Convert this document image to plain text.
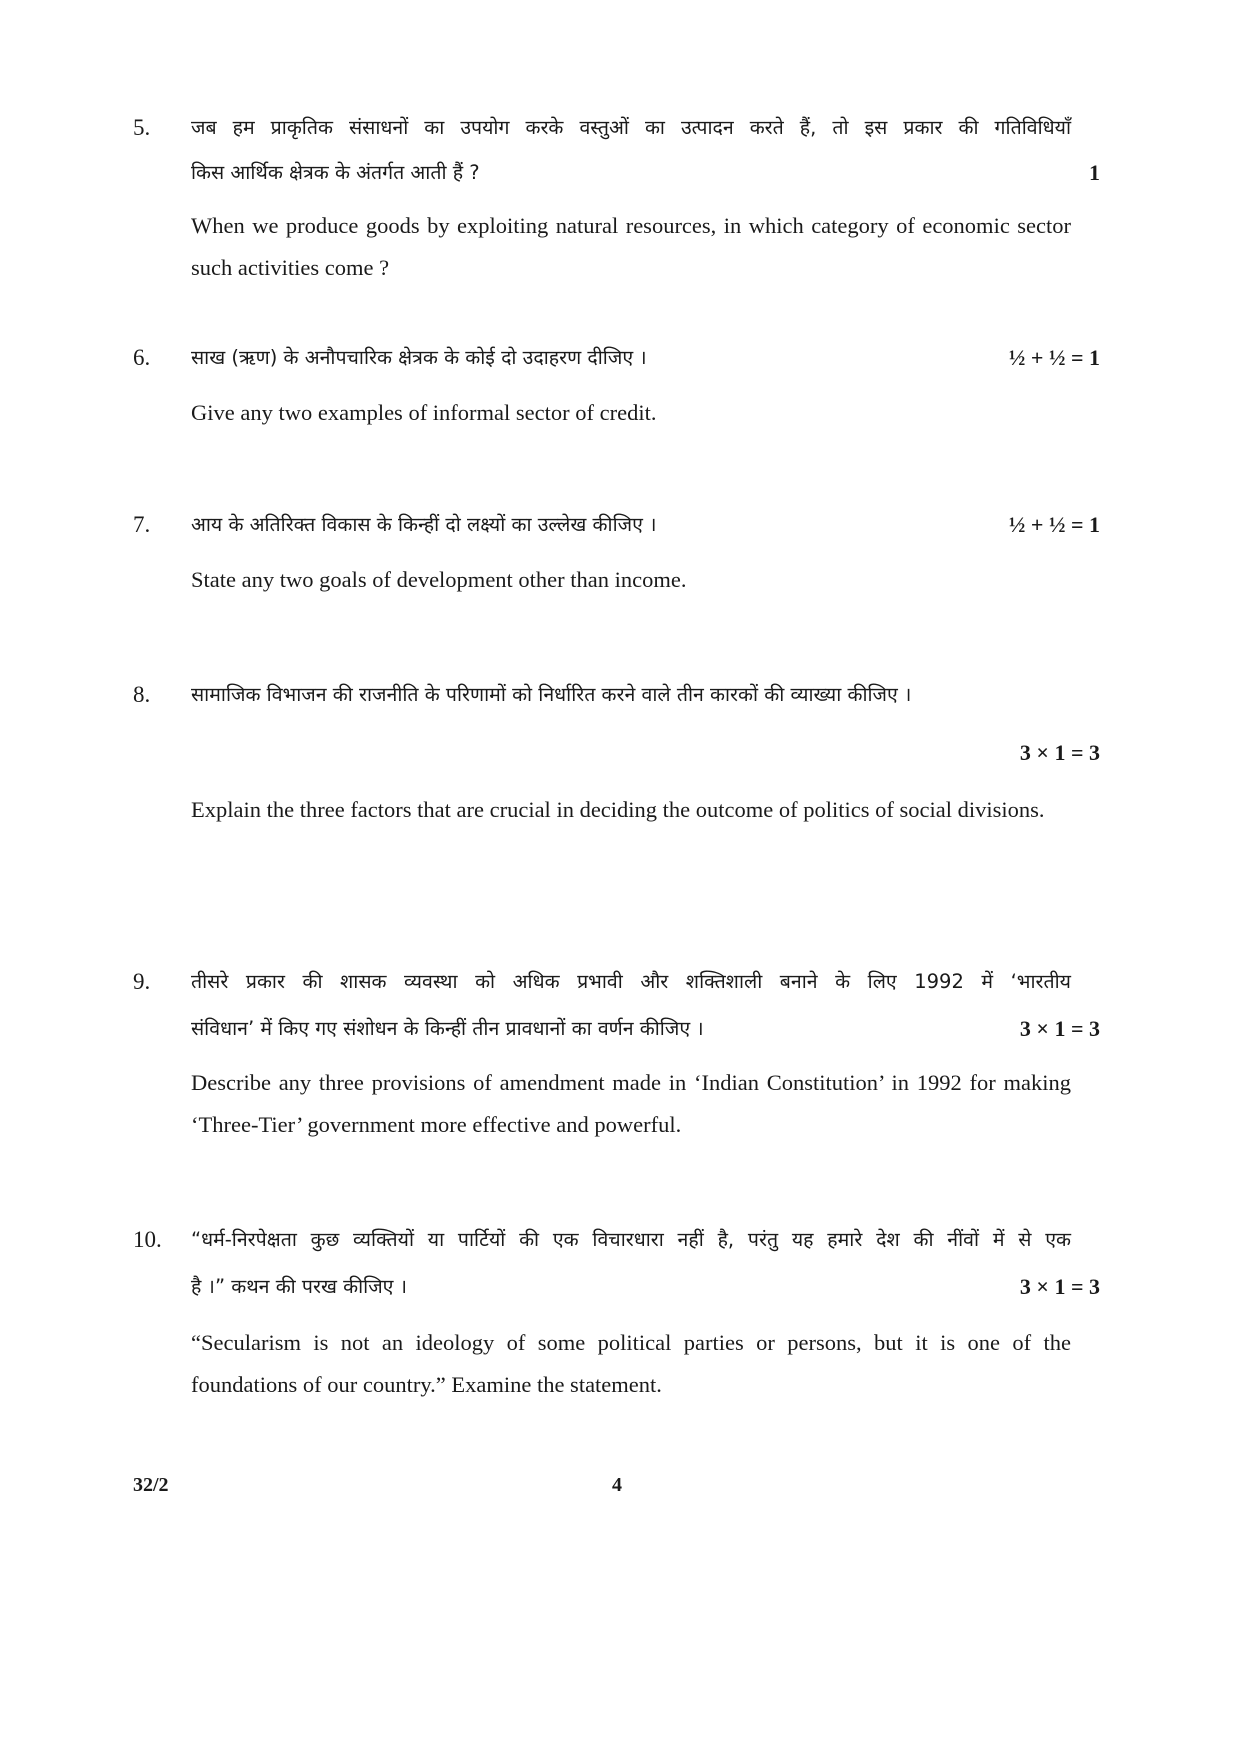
5. जब हम प्राकृतिक संसाधनों का उपयोग करके वस्तुओं का उत्पादन करते हैं, तो इस प्रकार की गतिविधियाँ
किस आर्थिक क्षेत्रक के अंतर्गत आती हैं ?	1
When we produce goods by exploiting natural resources, in which category of economic sector such activities come ?
6. साख (ऋण) के अनौपचारिक क्षेत्रक के कोई दो उदाहरण दीजिए ।	½ + ½ = 1
Give any two examples of informal sector of credit.
7. आय के अतिरिक्त विकास के किन्हीं दो लक्ष्यों का उल्लेख कीजिए ।	½ + ½ = 1
State any two goals of development other than income.
8. सामाजिक विभाजन की राजनीति के परिणामों को निर्धारित करने वाले तीन कारकों की व्याख्या कीजिए ।
3 × 1 = 3
Explain the three factors that are crucial in deciding the outcome of politics of social divisions.
9. तीसरे प्रकार की शासक व्यवस्था को अधिक प्रभावी और शक्तिशाली बनाने के लिए 1992 में ‘भारतीय
संविधान’ में किए गए संशोधन के किन्हीं तीन प्रावधानों का वर्णन कीजिए ।	3 × 1 = 3
Describe any three provisions of amendment made in ‘Indian Constitution’ in 1992 for making ‘Three-Tier’ government more effective and powerful.
10. “धर्म-निरपेक्षता कुछ व्यक्तियों या पार्टियों की एक विचारधारा नहीं है, परंतु यह हमारे देश की नींवों में से एक
है ।” कथन की परख कीजिए ।	3 × 1 = 3
“Secularism is not an ideology of some political parties or persons, but it is one of the foundations of our country.” Examine the statement.
32/2	4
